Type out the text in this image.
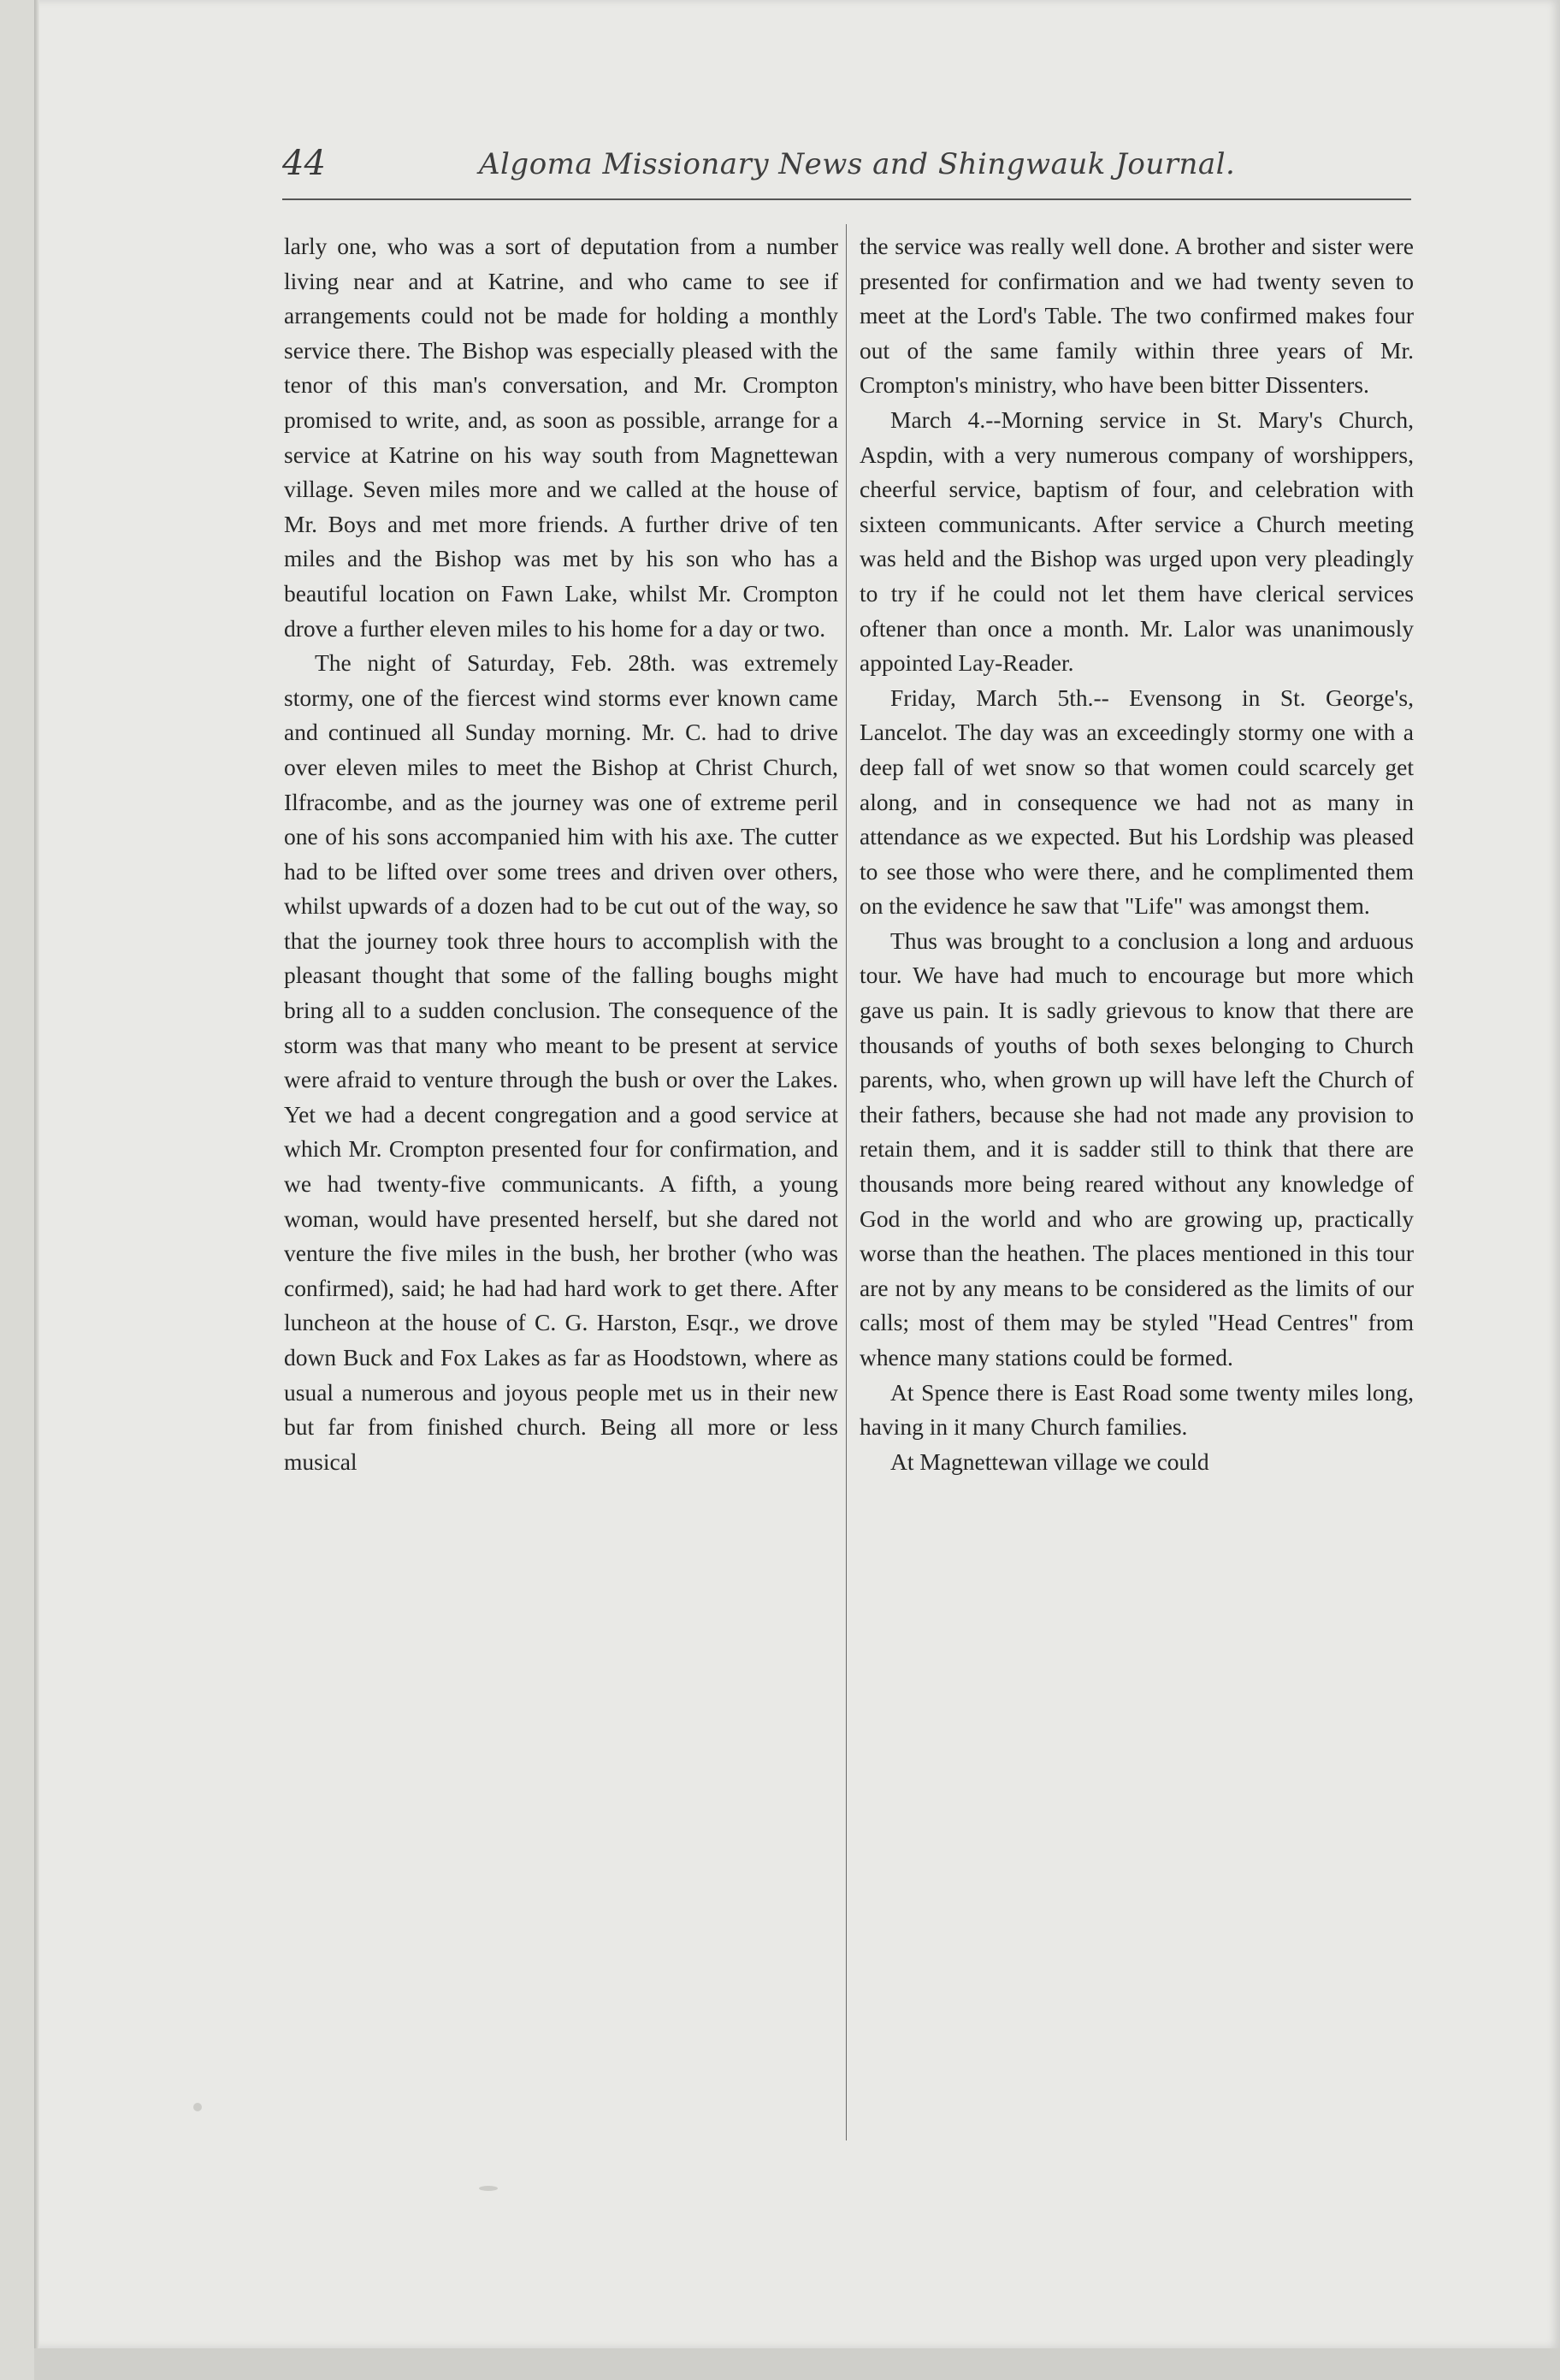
44	Algoma Missionary News and Shingwauk Journal.

larly one, who was a sort of deputation from a number living near and at Katrine, and who came to see if arrangements could not be made for holding a monthly service there. The Bishop was especially pleased with the tenor of this man's conversation, and Mr. Crompton promised to write, and, as soon as possible, arrange for a service at Katrine on his way south from Magnettewan village. Seven miles more and we called at the house of Mr. Boys and met more friends. A further drive of ten miles and the Bishop was met by his son who has a beautiful location on Fawn Lake, whilst Mr. Crompton drove a further eleven miles to his home for a day or two.

The night of Saturday, Feb. 28th. was extremely stormy, one of the fiercest wind storms ever known came and continued all Sunday morning. Mr. C. had to drive over eleven miles to meet the Bishop at Christ Church, Ilfracombe, and as the journey was one of extreme peril one of his sons accompanied him with his axe. The cutter had to be lifted over some trees and driven over others, whilst upwards of a dozen had to be cut out of the way, so that the journey took three hours to accomplish with the pleasant thought that some of the falling boughs might bring all to a sudden conclusion. The consequence of the storm was that many who meant to be present at service were afraid to venture through the bush or over the Lakes. Yet we had a decent congregation and a good service at which Mr. Crompton presented four for confirmation, and we had twenty-five communicants. A fifth, a young woman, would have presented herself, but she dared not venture the five miles in the bush, her brother (who was confirmed), said; he had had hard work to get there. After luncheon at the house of C. G. Harston, Esqr., we drove down Buck and Fox Lakes as far as Hoodstown, where as usual a numerous and joyous people met us in their new but far from finished church. Being all more or less musical

the service was really well done. A brother and sister were presented for confirmation and we had twenty seven to meet at the Lord's Table. The two confirmed makes four out of the same family within three years of Mr. Crompton's ministry, who have been bitter Dissenters.

March 4.--Morning service in St. Mary's Church, Aspdin, with a very numerous company of worshippers, cheerful service, baptism of four, and celebration with sixteen communicants. After service a Church meeting was held and the Bishop was urged upon very pleadingly to try if he could not let them have clerical services oftener than once a month. Mr. Lalor was unanimously appointed Lay-Reader.

Friday, March 5th.-- Evensong in St. George's, Lancelot. The day was an exceedingly stormy one with a deep fall of wet snow so that women could scarcely get along, and in consequence we had not as many in attendance as we expected. But his Lordship was pleased to see those who were there, and he complimented them on the evidence he saw that "Life" was amongst them.

Thus was brought to a conclusion a long and arduous tour. We have had much to encourage but more which gave us pain. It is sadly grievous to know that there are thousands of youths of both sexes belonging to Church parents, who, when grown up will have left the Church of their fathers, because she had not made any provision to retain them, and it is sadder still to think that there are thousands more being reared without any knowledge of God in the world and who are growing up, practically worse than the heathen. The places mentioned in this tour are not by any means to be considered as the limits of our calls; most of them may be styled "Head Centres" from whence many stations could be formed.

At Spence there is East Road some twenty miles long, having in it many Church families.

At Magnettewan village we could
